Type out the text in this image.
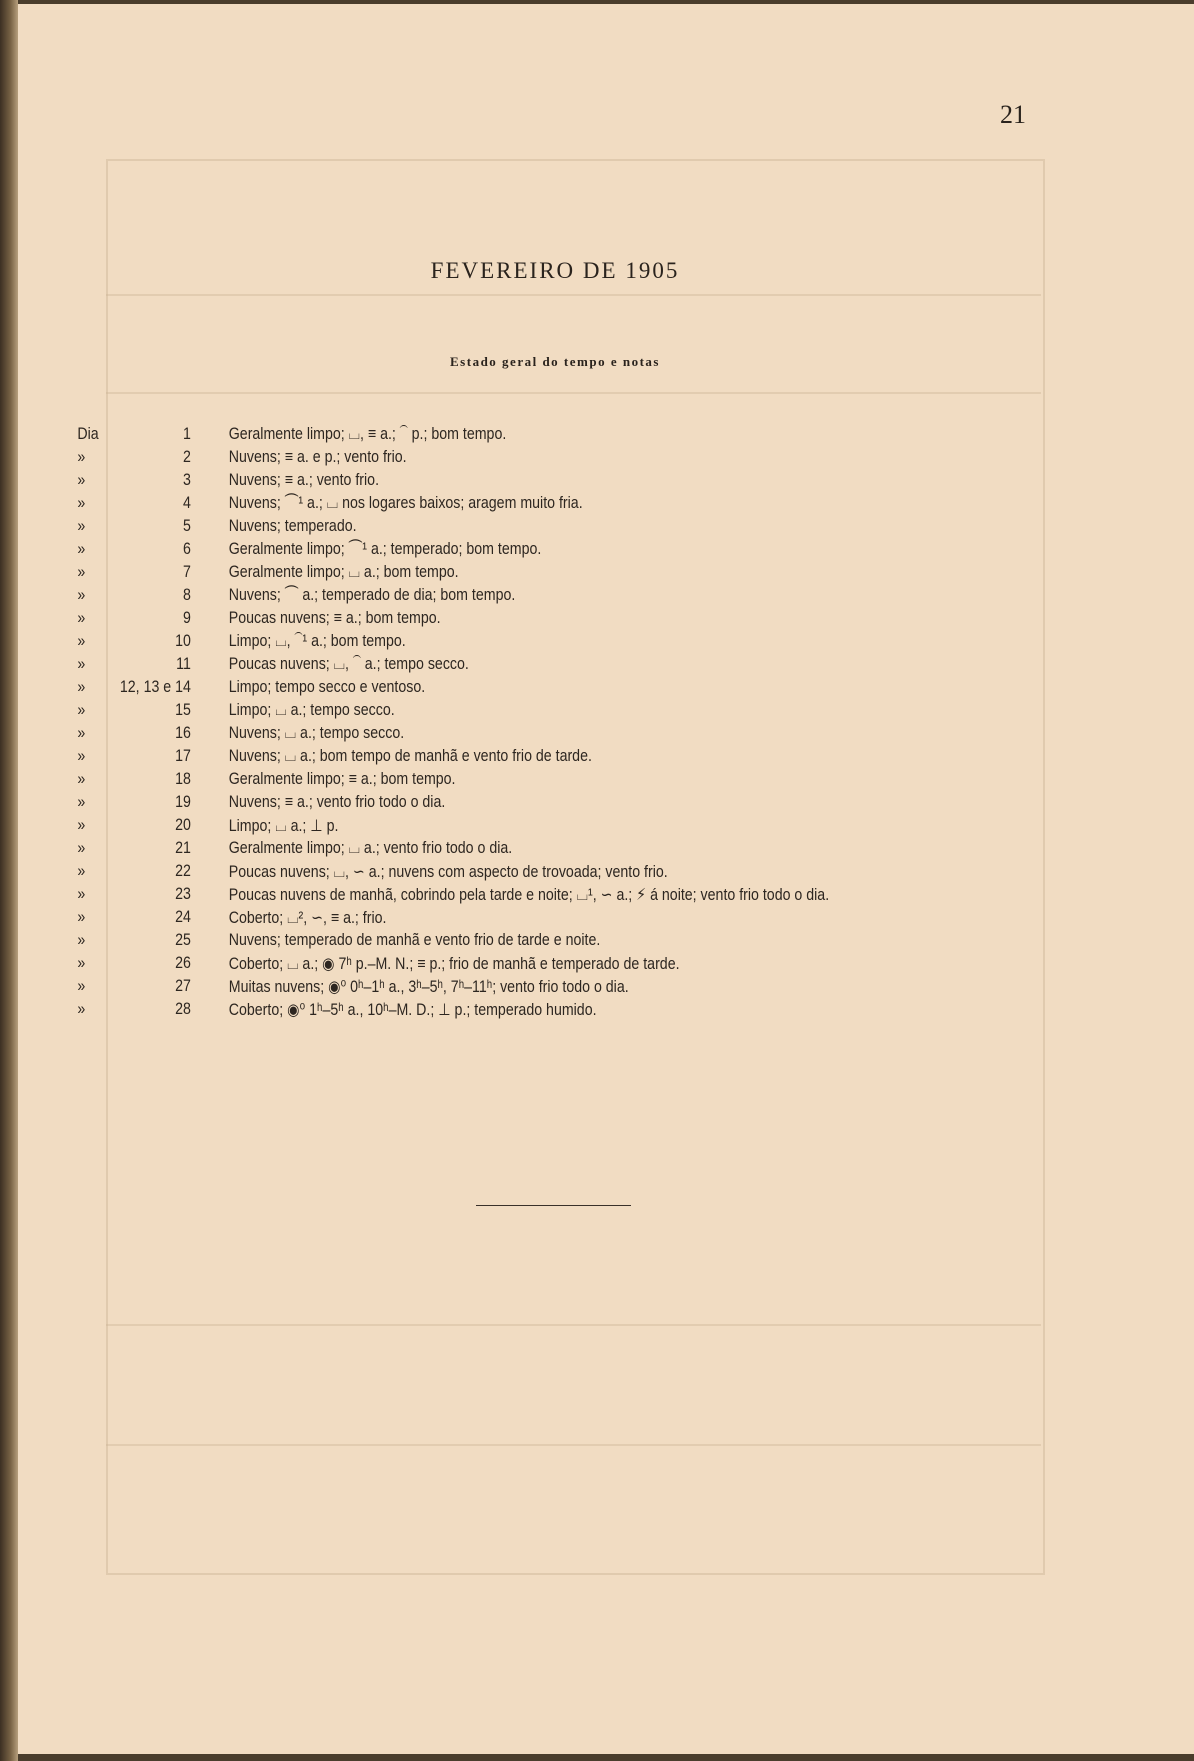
21
FEVEREIRO DE 1905
Estado geral do tempo e notas
Dia	1 Geralmente limpo; ⌴, ≡ a.; ⏜ p.; bom tempo.
»	2 Nuvens; ≡ a. e p.; vento frio.
»	3 Nuvens; ≡ a.; vento frio.
»	4 Nuvens; ⏜¹ a.; ⌴ nos logares baixos; aragem muito fria.
»	5 Nuvens; temperado.
»	6 Geralmente limpo; ⏜¹ a.; temperado; bom tempo.
»	7 Geralmente limpo; ⌴ a.; bom tempo.
»	8 Nuvens; ⏜ a.; temperado de dia; bom tempo.
»	9 Poucas nuvens; ≡ a.; bom tempo.
»	10 Limpo; ⌴, ⏜¹ a.; bom tempo.
»	11 Poucas nuvens; ⌴, ⏜ a.; tempo secco.
»	12, 13 e 14 Limpo; tempo secco e ventoso.
»	15 Limpo; ⌴ a.; tempo secco.
»	16 Nuvens; ⌴ a.; tempo secco.
»	17 Nuvens; ⌴ a.; bom tempo de manhã e vento frio de tarde.
»	18 Geralmente limpo; ≡ a.; bom tempo.
»	19 Nuvens; ≡ a.; vento frio todo o dia.
»	20 Limpo; ⌴ a.; ⊥ p.
»	21 Geralmente limpo; ⌴ a.; vento frio todo o dia.
»	22 Poucas nuvens; ⌴, ∽ a.; nuvens com aspecto de trovoada; vento frio.
»	23 Poucas nuvens de manhã, cobrindo pela tarde e noite; ⌴¹, ∽ a.; ⚡ á noite; vento frio todo o dia.
»	24 Coberto; ⌴², ∽, ≡ a.; frio.
»	25 Nuvens; temperado de manhã e vento frio de tarde e noite.
»	26 Coberto; ⌴ a.; ◉ 7ʰ p.–M. N.; ≡ p.; frio de manhã e temperado de tarde.
»	27 Muitas nuvens; ◉⁰ 0ʰ–1ʰ a., 3ʰ–5ʰ, 7ʰ–11ʰ; vento frio todo o dia.
»	28 Coberto; ◉⁰ 1ʰ–5ʰ a., 10ʰ–M. D.; ⊥ p.; temperado humido.
